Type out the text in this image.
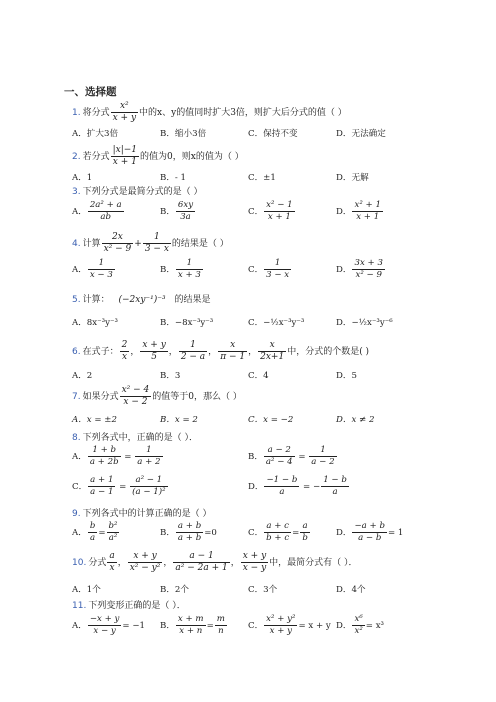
一、选择题
1. 将分式 $\frac{\text{x²}}{x + y}$ 中的x、y的值同时扩大3倍，则扩大后分式的值（ ）
A．扩大3倍	B．缩小3倍	C．保持不变	D．无法确定
2. 若分式 $\frac{|x|-1}{x + 1}$ 的值为0，则x的值为（ ）
A．1	B．- 1	C．±1	D．无解
3. 下列分式是最简分式的是（ ）
A． $\frac{\text{2a² + a}}{ab}$	B． $\frac{6xy}{3a}$	C． $\frac{\text{x² − 1}}{x + 1}$	D． $\frac{\text{x² + 1}}{x + 1}$
4. 计算 $\frac{2x}{\text{x² − 9}} + \frac{1}{3 - x}$ 的结果是（ ）
A． $\frac{1}{x - 3}$	B． $\frac{1}{x + 3}$	C． $\frac{1}{3 - x}$	D． $\frac{3x + 3}{\text{x² − 9}}$
5. 计算： (−2xy⁻¹)⁻³ 的结果是
A．8x⁻³y⁻³	B．−8x⁻³y⁻³	C．−½x⁻³y⁻³	D．−½x⁻³y⁻⁶
6. 在式子： $\frac{2}{x}$ ， $\frac{x + y}{5}$ ， $\frac{1}{2 - a}$ ， $\frac{x}{\pi - 1}$ ， $\frac{x}{2x+1}$ 中，分式的个数是( )
A．2	B．3	C．4	D．5
7. 如果分式 $\frac{\text{x² − 4}}{x - 2}$ 的值等于0，那么（ ）
A．x = ±2	B．x = 2	C．x = −2	D．x ≠ 2
8. 下列各式中，正确的是（ ）．
A． $\frac{1 + b}{a + 2b} = \frac{1}{a + 2}$	B． $\frac{a - 2}{\text{a² − 4}} = \frac{1}{a - 2}$
C． $\frac{a + 1}{a - 1} = \frac{\text{a² − 1}}{\text{(a − 1)²}}$	D． $\frac{-1 - b}{a}$ = − $\frac{1 - b}{a}$
9. 下列各式中的计算正确的是（ ）
A． $\frac{b}{a} = \frac{\text{b²}}{\text{a²}}$	B． $\frac{a + b}{a + b} =0$	C． $\frac{a + c}{b + c} = \frac{a}{b}$	D． $\frac{-a + b}{a - b} = 1$
10. 分式 $\frac{a}{x}$ ， $\frac{x + y}{\text{x² − y²}}$ ， $\frac{a - 1}{\text{a² − 2a + 1}}$ ， $\frac{x + y}{x - y}$ 中，最简分式有（ ）．
A．1个	B．2个	C．3个	D．4个
11. 下列变形正确的是（ ）．
A． $\frac{-x + y}{x - y} = -1$ B． $\frac{x + m}{x + n} = \frac{m}{n}$ C． $\frac{\text{x² + y²}}{x + y} = x + y$ D． $\frac{\text{x⁶}}{\text{x²}} = x^3$
